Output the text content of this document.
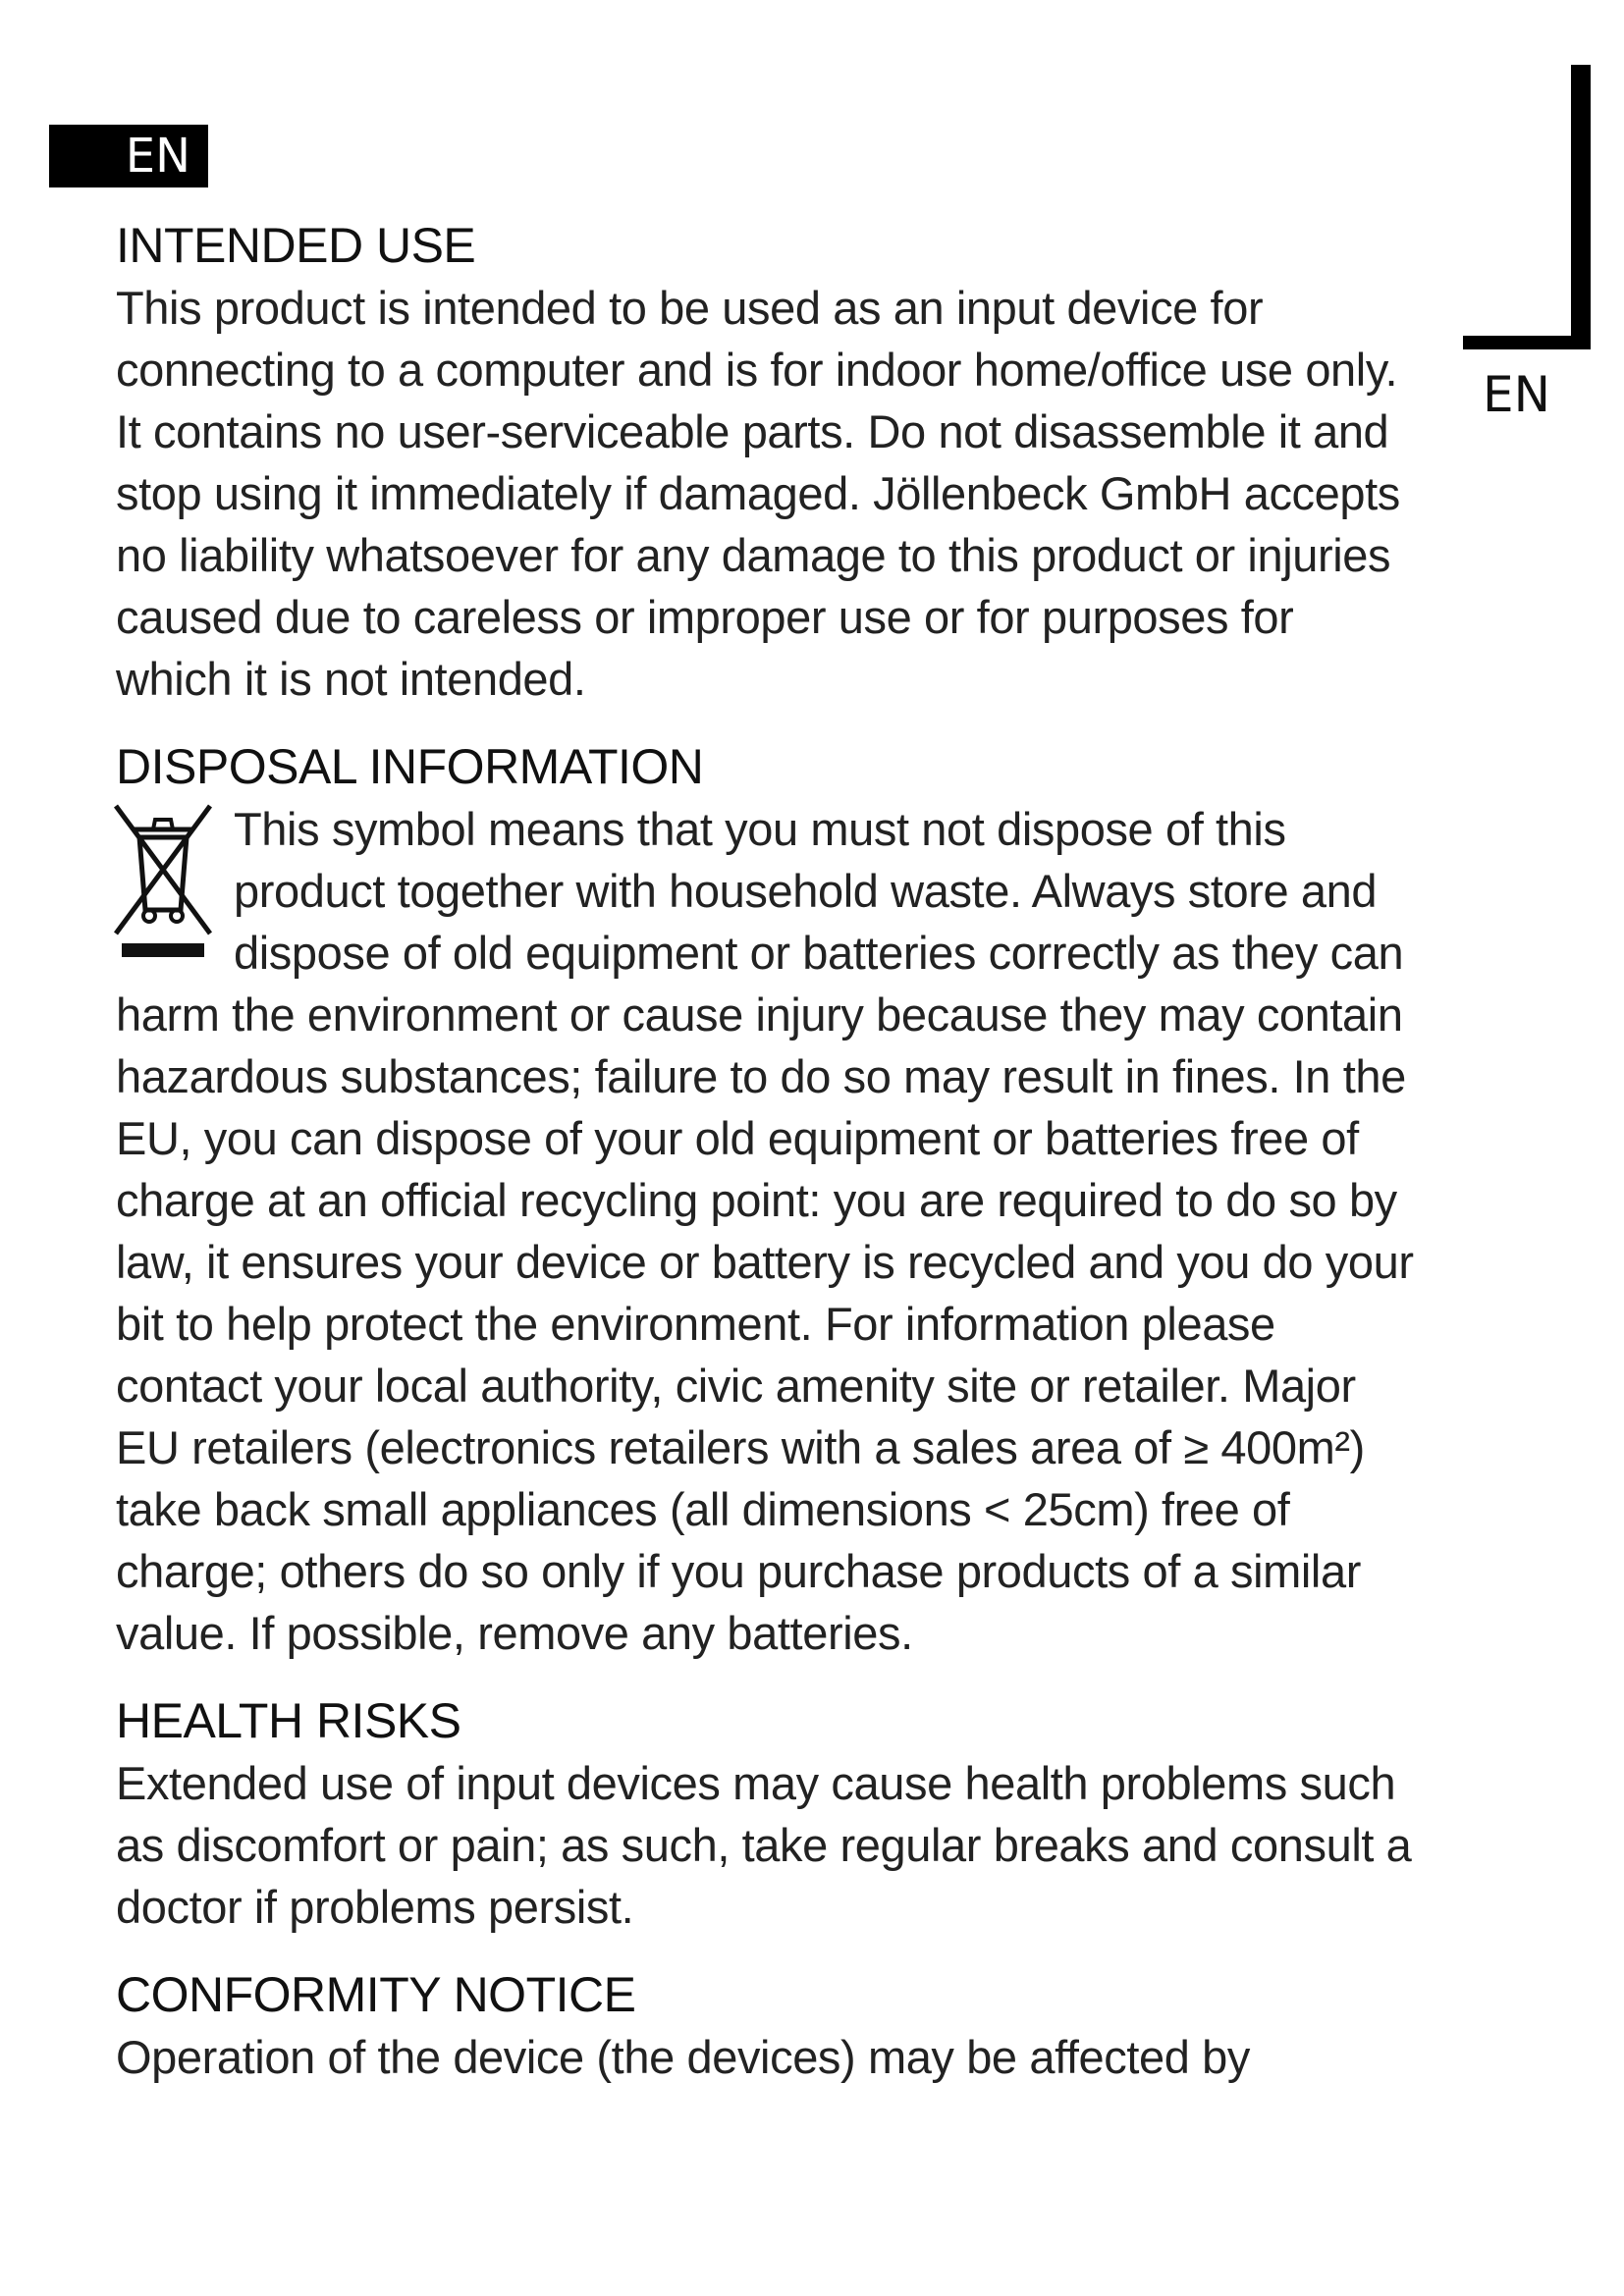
EN
EN
INTENDED USE

This product is intended to be used as an input device for connecting to a computer and is for indoor home/office use only. It contains no user-serviceable parts. Do not disassemble it and stop using it immediately if damaged. Jöllenbeck GmbH accepts no liability whatsoever for any damage to this product or injuries caused due to careless or improper use or for purposes for which it is not intended.

DISPOSAL INFORMATION

This symbol means that you must not dispose of this product together with household waste. Always store and dispose of old equipment or batteries correctly as they can harm the environment or cause injury because they may contain hazardous substances; failure to do so may result in fines. In the EU, you can dispose of your old equipment or batteries free of charge at an official recycling point: you are required to do so by law, it ensures your device or battery is recycled and you do your bit to help protect the environment. For information please contact your local authority, civic amenity site or retailer. Major EU retailers (electronics retailers with a sales area of ≥ 400m²) take back small appliances (all dimensions < 25cm) free of charge; others do so only if you purchase products of a similar value. If possible, remove any batteries.

HEALTH RISKS

Extended use of input devices may cause health problems such as discomfort or pain; as such, take regular breaks and consult a doctor if problems persist.

CONFORMITY NOTICE

Operation of the device (the devices) may be affected by
